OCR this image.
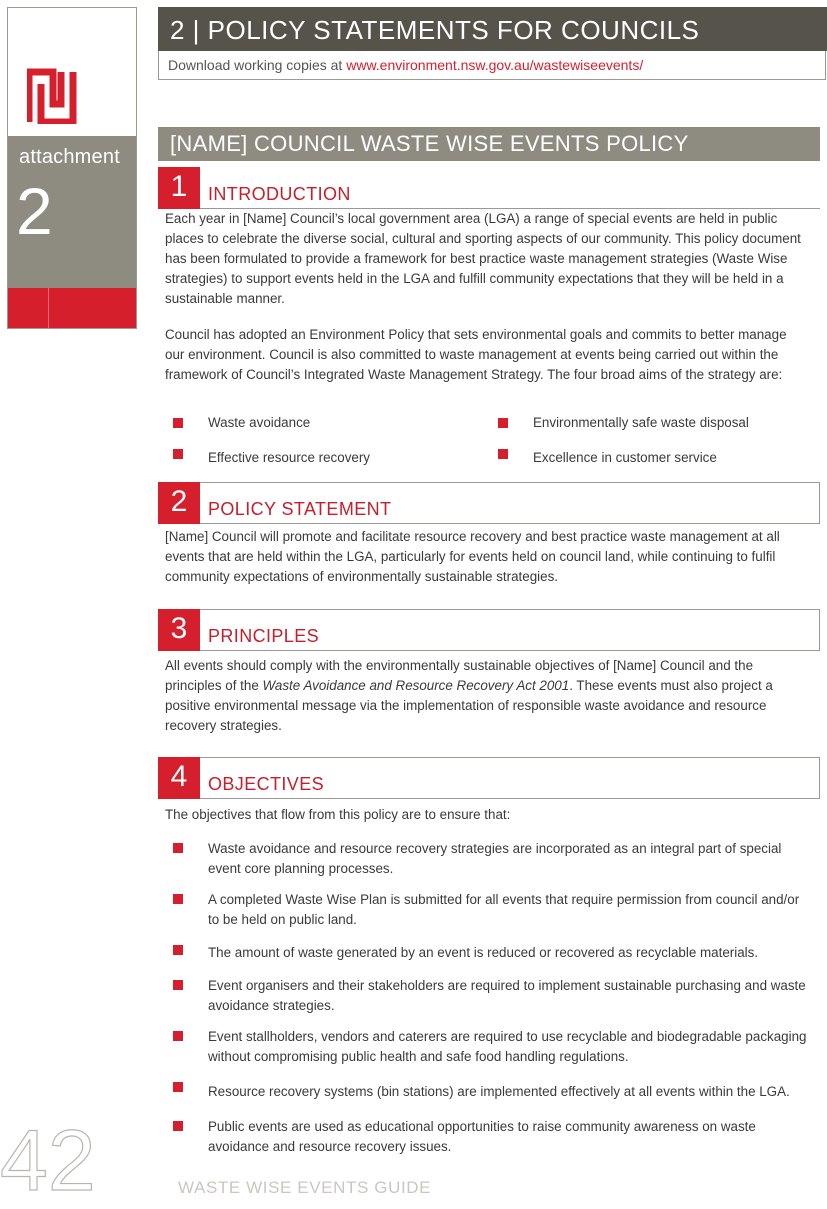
attachment
2
2 | POLICY STATEMENTS FOR COUNCILS
Download working copies at www.environment.nsw.gov.au/wastewiseevents/
[NAME] COUNCIL WASTE WISE EVENTS POLICY
1	INTRODUCTION
Each year in [Name] Council’s local government area (LGA) a range of special events are held in public places to celebrate the diverse social, cultural and sporting aspects of our community. This policy document has been formulated to provide a framework for best practice waste management strategies (Waste Wise strategies) to support events held in the LGA and fulfill community expectations that they will be held in a sustainable manner.
Council has adopted an Environment Policy that sets environmental goals and commits to better manage our environment. Council is also committed to waste management at events being carried out within the framework of Council’s Integrated Waste Management Strategy. The four broad aims of the strategy are:
Waste avoidance	Environmentally safe waste disposal
Effective resource recovery	Excellence in customer service
2	POLICY STATEMENT
[Name] Council will promote and facilitate resource recovery and best practice waste management at all events that are held within the LGA, particularly for events held on council land, while continuing to fulfil community expectations of environmentally sustainable strategies.
3	PRINCIPLES
All events should comply with the environmentally sustainable objectives of [Name] Council and the principles of the Waste Avoidance and Resource Recovery Act 2001. These events must also project a positive environmental message via the implementation of responsible waste avoidance and resource recovery strategies.
4	OBJECTIVES
The objectives that flow from this policy are to ensure that:
Waste avoidance and resource recovery strategies are incorporated as an integral part of special event core planning processes.
A completed Waste Wise Plan is submitted for all events that require permission from council and/or to be held on public land.
The amount of waste generated by an event is reduced or recovered as recyclable materials.
Event organisers and their stakeholders are required to implement sustainable purchasing and waste avoidance strategies.
Event stallholders, vendors and caterers are required to use recyclable and biodegradable packaging without compromising public health and safe food handling regulations.
Resource recovery systems (bin stations) are implemented effectively at all events within the LGA.
Public events are used as educational opportunities to raise community awareness on waste avoidance and resource recovery issues.
42	WASTE WISE EVENTS GUIDE
